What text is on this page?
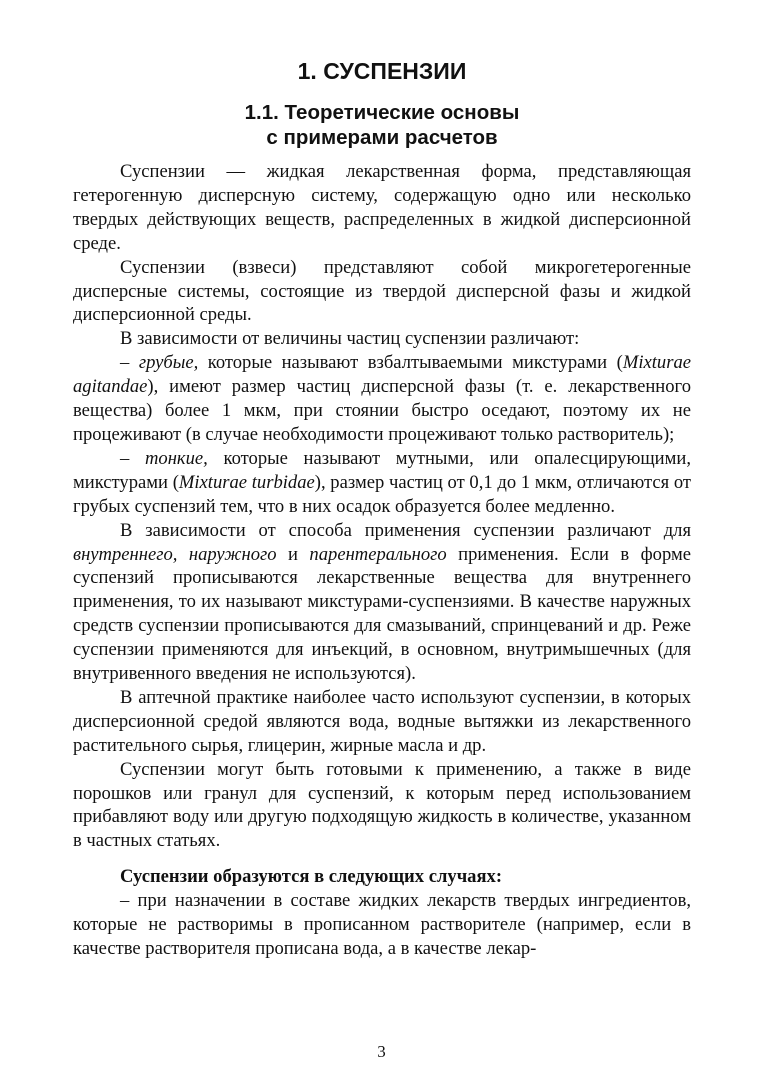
1. СУСПЕНЗИИ
1.1. Теоретические основы
с примерами расчетов

Суспензии — жидкая лекарственная форма, представляющая гетерогенную дисперсную систему, содержащую одно или несколько твердых действующих веществ, распределенных в жидкой дисперсионной среде.

Суспензии (взвеси) представляют собой микрогетерогенные дисперсные системы, состоящие из твердой дисперсной фазы и жидкой дисперсионной среды.

В зависимости от величины частиц суспензии различают:

– грубые, которые называют взбалтываемыми микстурами (Mixturae agitandae), имеют размер частиц дисперсной фазы (т. е. лекарственного вещества) более 1 мкм, при стоянии быстро оседают, поэтому их не процеживают (в случае необходимости процеживают только растворитель);

– тонкие, которые называют мутными, или опалесцирующими, микстурами (Mixturae turbidae), размер частиц от 0,1 до 1 мкм, отличаются от грубых суспензий тем, что в них осадок образуется более медленно.

В зависимости от способа применения суспензии различают для внутреннего, наружного и парентерального применения. Если в форме суспензий прописываются лекарственные вещества для внутреннего применения, то их называют микстурами-суспензиями. В качестве наружных средств суспензии прописываются для смазываний, спринцеваний и др. Реже суспензии применяются для инъекций, в основном, внутримышечных (для внутривенного введения не используются).

В аптечной практике наиболее часто используют суспензии, в которых дисперсионной средой являются вода, водные вытяжки из лекарственного растительного сырья, глицерин, жирные масла и др.

Суспензии могут быть готовыми к применению, а также в виде порошков или гранул для суспензий, к которым перед использованием прибавляют воду или другую подходящую жидкость в количестве, указанном в частных статьях.

Суспензии образуются в следующих случаях:

– при назначении в составе жидких лекарств твердых ингредиентов, которые не растворимы в прописанном растворителе (например, если в качестве растворителя прописана вода, а в качестве лекар-

3
